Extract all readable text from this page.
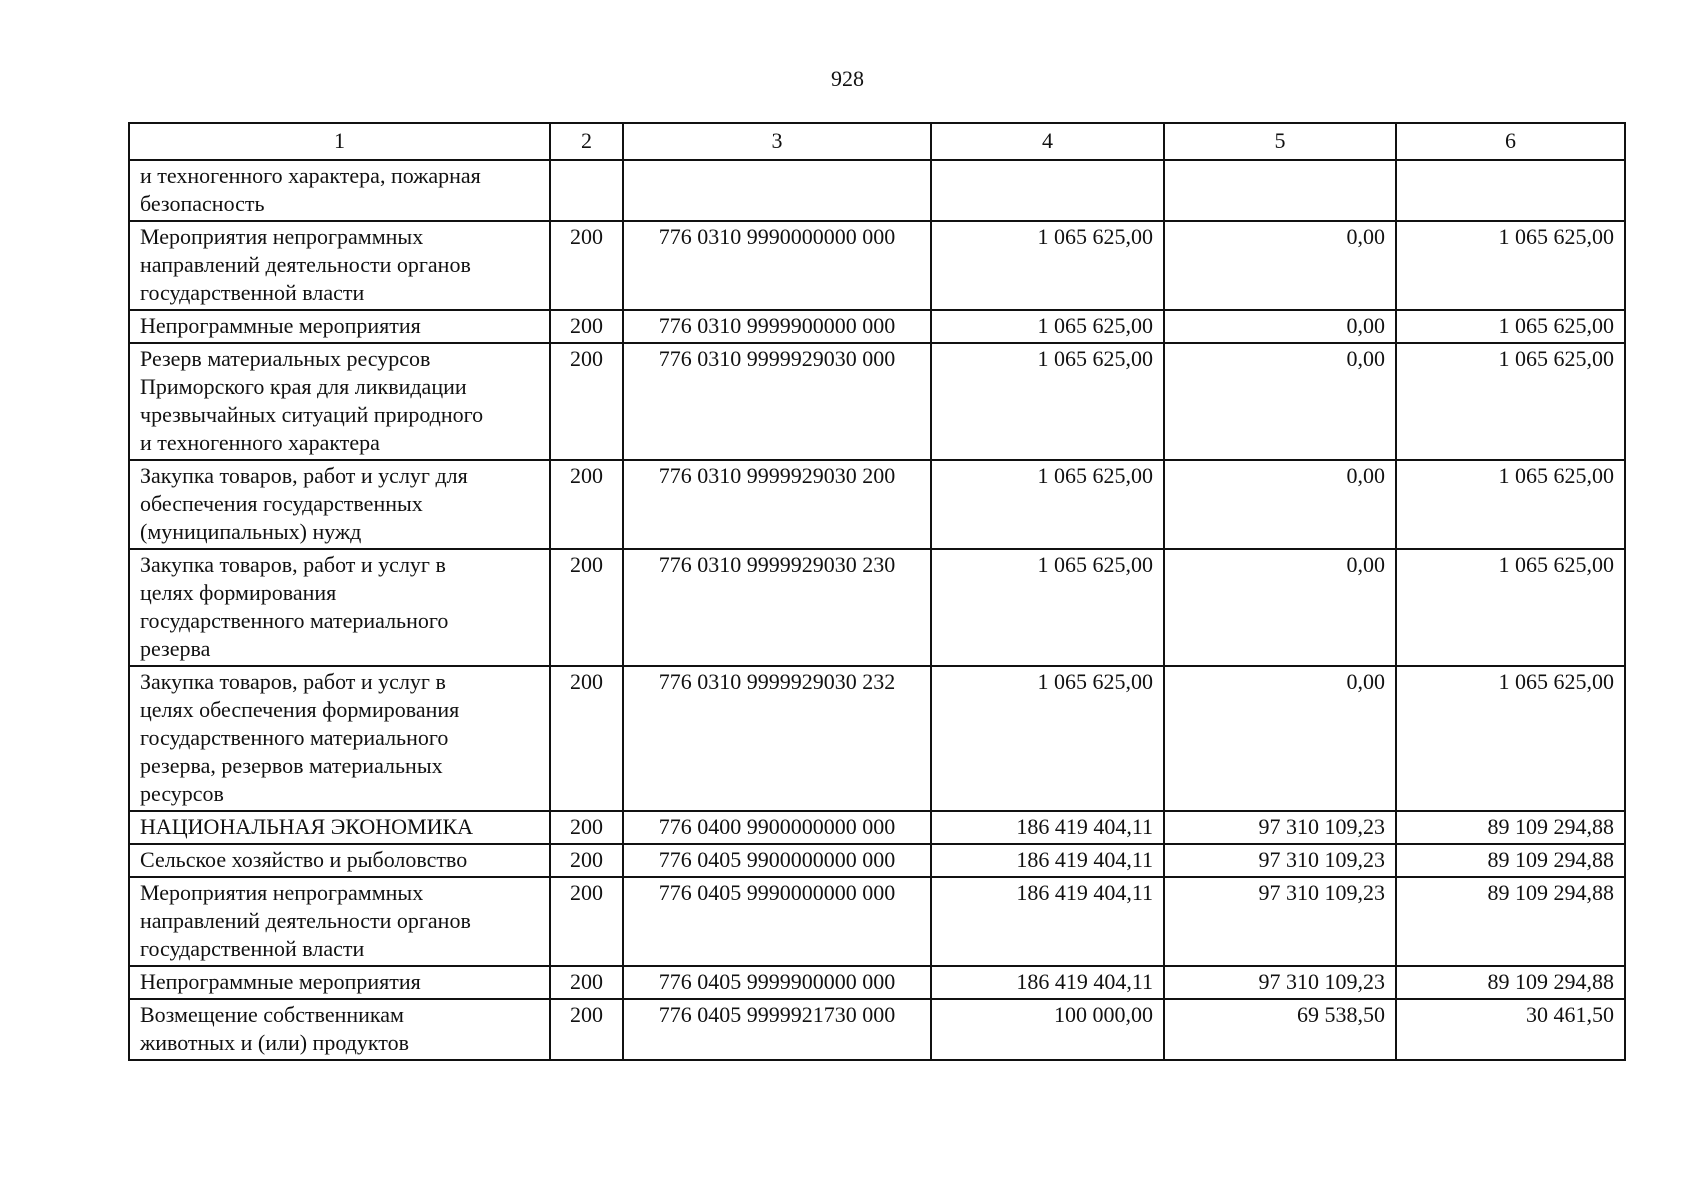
928
1	2	3	4	5	6

и техногенного характера, пожарная
безопасность					

Мероприятия непрограммных
направлений деятельности органов
государственной власти	200	776 0310 9990000000 000	1 065 625,00	0,00	1 065 625,00

Непрограммные мероприятия	200	776 0310 9999900000 000	1 065 625,00	0,00	1 065 625,00

Резерв материальных ресурсов
Приморского края для ликвидации
чрезвычайных ситуаций природного
и техногенного характера	200	776 0310 9999929030 000	1 065 625,00	0,00	1 065 625,00

Закупка товаров, работ и услуг для
обеспечения государственных
(муниципальных) нужд	200	776 0310 9999929030 200	1 065 625,00	0,00	1 065 625,00

Закупка товаров, работ и услуг в
целях формирования
государственного материального
резерва	200	776 0310 9999929030 230	1 065 625,00	0,00	1 065 625,00

Закупка товаров, работ и услуг в
целях обеспечения формирования
государственного материального
резерва, резервов материальных
ресурсов	200	776 0310 9999929030 232	1 065 625,00	0,00	1 065 625,00

НАЦИОНАЛЬНАЯ ЭКОНОМИКА	200	776 0400 9900000000 000	186 419 404,11	97 310 109,23	89 109 294,88

Сельское хозяйство и рыболовство	200	776 0405 9900000000 000	186 419 404,11	97 310 109,23	89 109 294,88

Мероприятия непрограммных
направлений деятельности органов
государственной власти	200	776 0405 9990000000 000	186 419 404,11	97 310 109,23	89 109 294,88

Непрограммные мероприятия	200	776 0405 9999900000 000	186 419 404,11	97 310 109,23	89 109 294,88

Возмещение собственникам
животных и (или) продуктов	200	776 0405 9999921730 000	100 000,00	69 538,50	30 461,50
